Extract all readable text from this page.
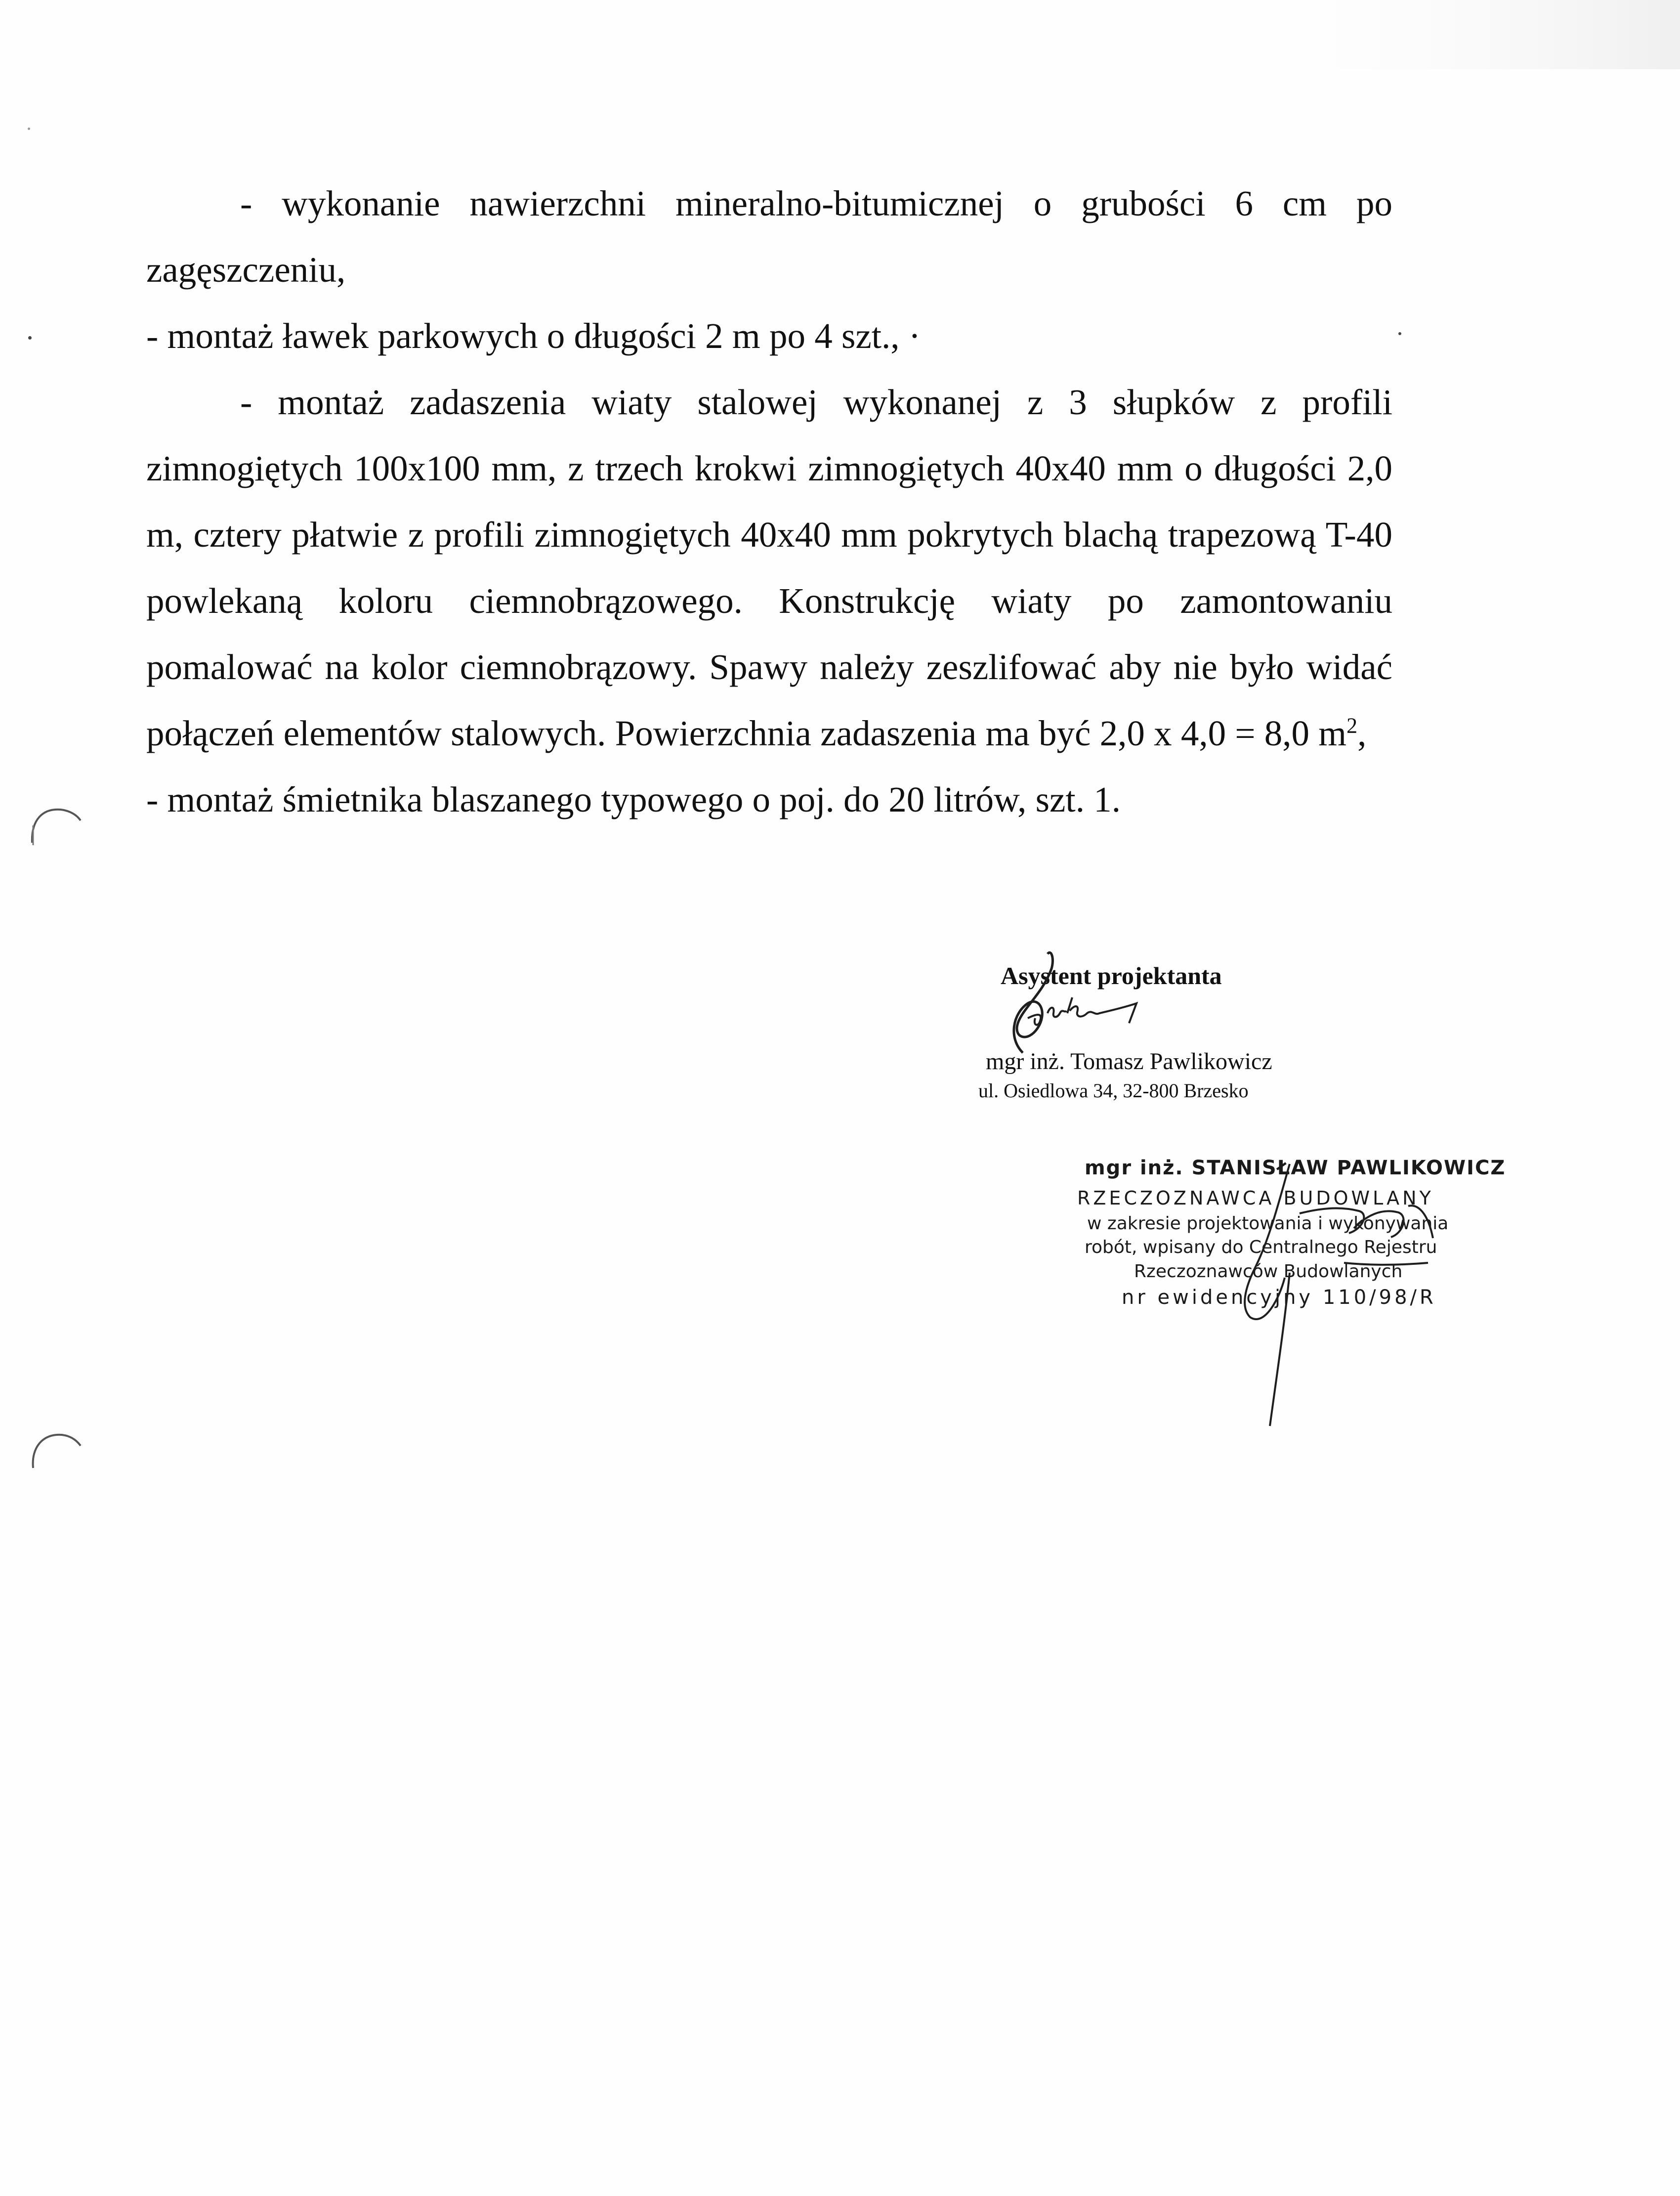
- wykonanie nawierzchni mineralno-bitumicznej o grubości 6 cm po zagęszczeniu,

- montaż ławek parkowych o długości 2 m po 4 szt., ·

- montaż zadaszenia wiaty stalowej wykonanej z 3 słupków z profili zimnogiętych 100x100 mm, z trzech krokwi zimnogiętych 40x40 mm o długości 2,0 m, cztery płatwie z profili zimnogiętych 40x40 mm pokrytych blachą trapezową T-40 powlekaną koloru ciemnobrązowego. Konstrukcję wiaty po zamontowaniu pomalować na kolor ciemnobrązowy. Spawy należy zeszlifować aby nie było widać połączeń elementów stalowych. Powierzchnia zadaszenia ma być 2,0 x 4,0 = 8,0 $m^2$,

- montaż śmietnika blaszanego typowego o poj. do 20 litrów, szt. 1.

Asystent projektanta
mgr inż. Tomasz Pawlikowicz
ul. Osiedlowa 34, 32-800 Brzesko
mgr inż. STANISŁAW PAWLIKOWICZ
RZECZOZNAWCA BUDOWLANY
w zakresie projektowania i wykonywania
robót, wpisany do Centralnego Rejestru
Rzeczoznawców Budowlanych
nr ewidencyjny 110/98/R
